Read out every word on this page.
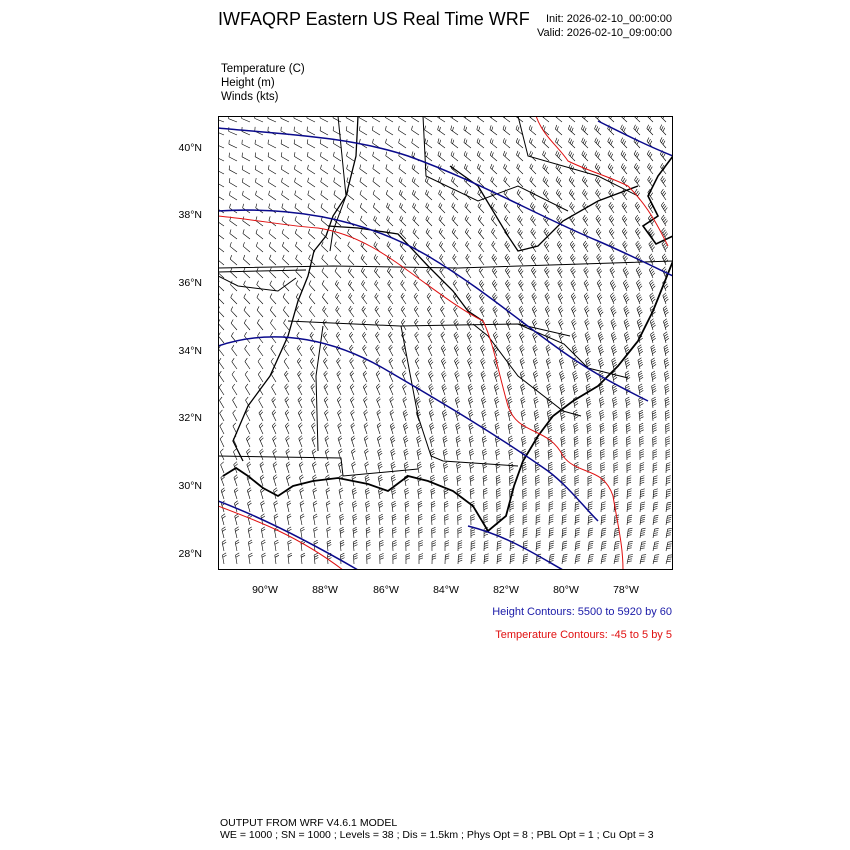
IWFAQRP Eastern US Real Time WRF Init: 2026-02-10_00:00:00
Valid: 2026-02-10_09:00:00
Temperature (C)
Height (m)
Winds (kts)
40°N
38°N
36°N
34°N
32°N
30°N
28°N
90°W	88°W	86°W	84°W	82°W	80°W	78°W
Height Contours: 5500 to 5920 by 60
Temperature Contours: -45 to 5 by 5
OUTPUT FROM WRF V4.6.1 MODEL
WE = 1000 ; SN = 1000 ; Levels = 38 ; Dis = 1.5km ; Phys Opt = 8 ; PBL Opt = 1 ; Cu Opt = 3
